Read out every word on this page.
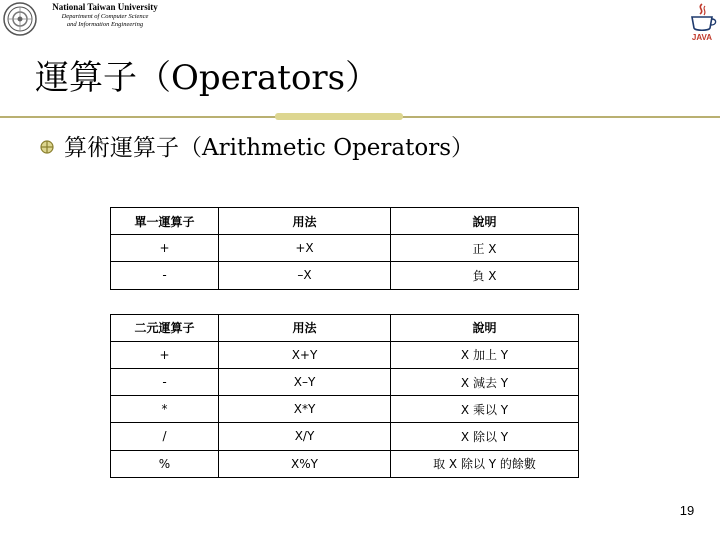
National Taiwan University
Department of Computer Science
and Information Engineering
JAVA
運算子（Operators）
算術運算子（Arithmetic Operators）
單一運算子	用法	說明
+	+X	正 X
-	–X	負 X

二元運算子	用法	說明
+	X+Y	X 加上 Y
-	X–Y	X 減去 Y
*	X*Y	X 乘以 Y
/	X/Y	X 除以 Y
%	X%Y	取 X 除以 Y 的餘數
19
